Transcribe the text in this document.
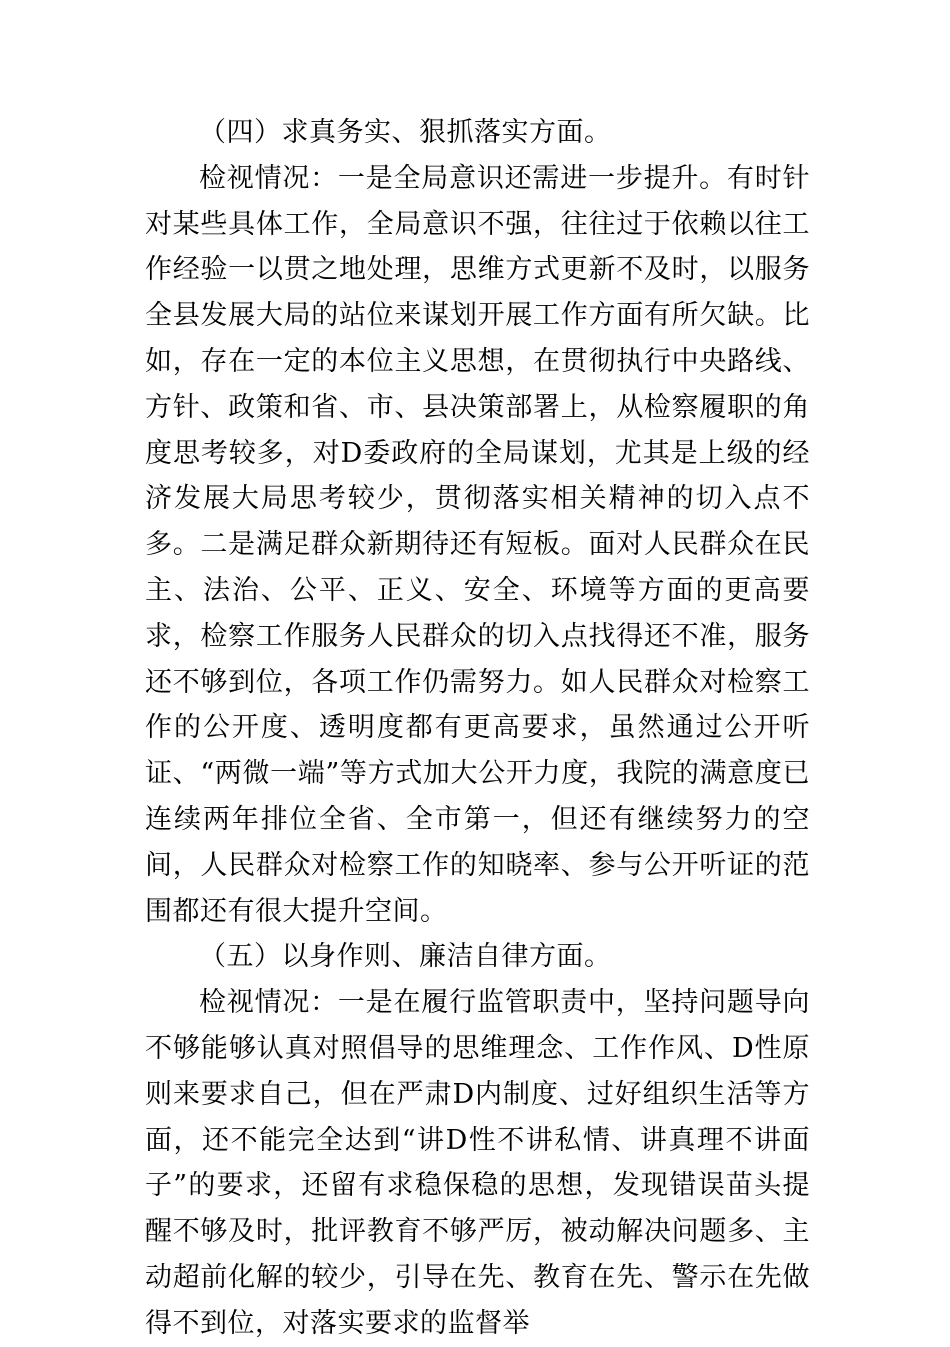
（四）求真务实、狠抓落实方面。

检视情况：一是全局意识还需进一步提升。有时针对某些具体工作，全局意识不强，往往过于依赖以往工作经验一以贯之地处理，思维方式更新不及时，以服务全县发展大局的站位来谋划开展工作方面有所欠缺。比如，存在一定的本位主义思想，在贯彻执行中央路线、方针、政策和省、市、县决策部署上，从检察履职的角度思考较多，对D委政府的全局谋划，尤其是上级的经济发展大局思考较少，贯彻落实相关精神的切入点不多。二是满足群众新期待还有短板。面对人民群众在民主、法治、公平、正义、安全、环境等方面的更高要求，检察工作服务人民群众的切入点找得还不准，服务还不够到位，各项工作仍需努力。如人民群众对检察工作的公开度、透明度都有更高要求，虽然通过公开听证、“两微一端”等方式加大公开力度，我院的满意度已连续两年排位全省、全市第一，但还有继续努力的空间，人民群众对检察工作的知晓率、参与公开听证的范围都还有很大提升空间。

（五）以身作则、廉洁自律方面。

检视情况：一是在履行监管职责中，坚持问题导向不够能够认真对照倡导的思维理念、工作作风、D性原则来要求自己，但在严肃D内制度、过好组织生活等方面，还不能完全达到“讲D性不讲私情、讲真理不讲面子”的要求，还留有求稳保稳的思想，发现错误苗头提醒不够及时，批评教育不够严厉，被动解决问题多、主动超前化解的较少，引导在先、教育在先、警示在先做得不到位，对落实要求的监督举
